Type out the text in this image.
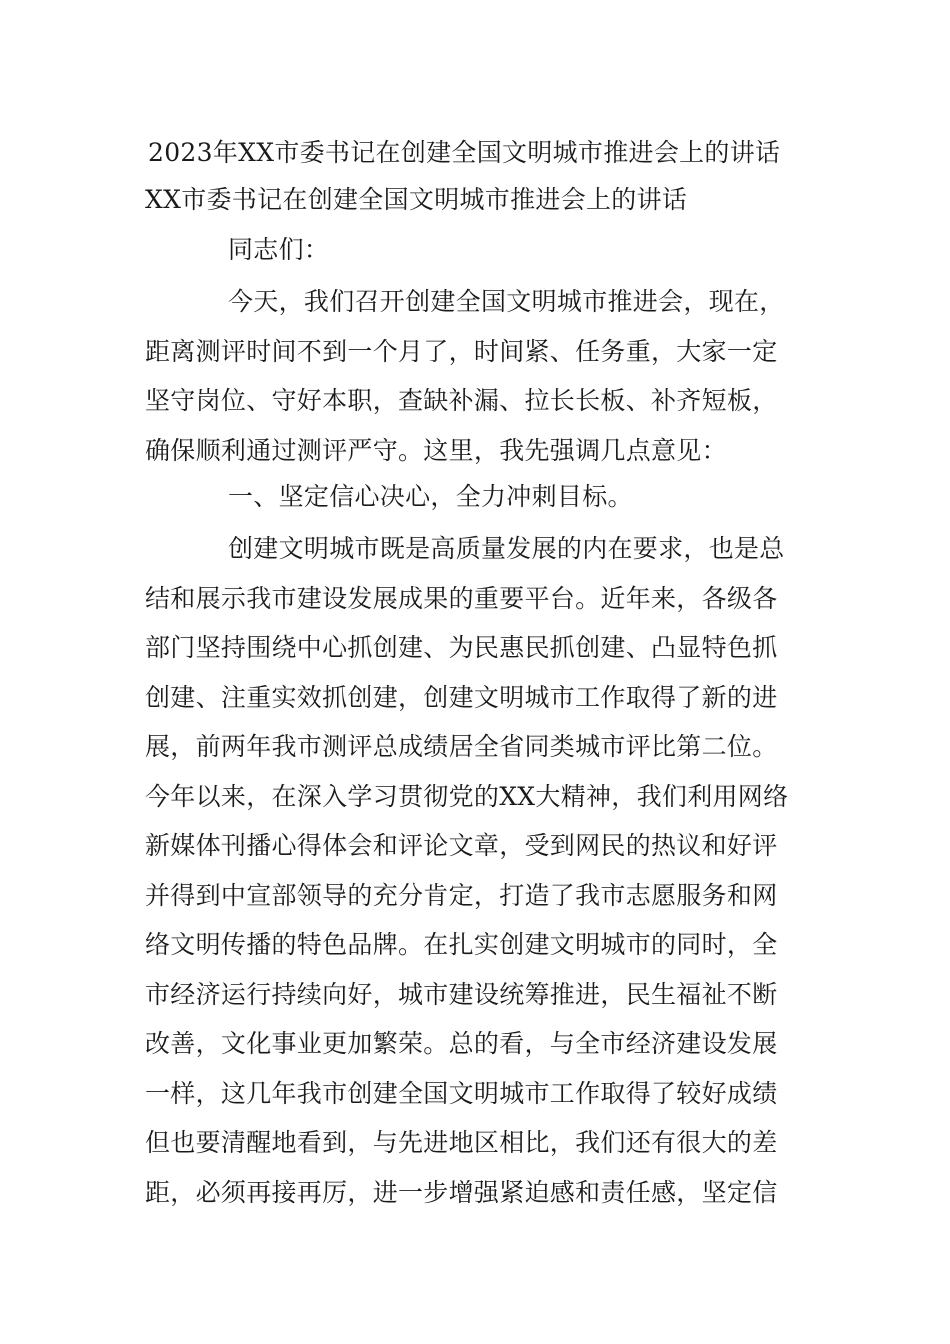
2023年XX市委书记在创建全国文明城市推进会上的讲话
XX市委书记在创建全国文明城市推进会上的讲话
同志们：
今天，我们召开创建全国文明城市推进会，现在，
距离测评时间不到一个月了，时间紧、任务重，大家一定
坚守岗位、守好本职，查缺补漏、拉长长板、补齐短板，
确保顺利通过测评严守。这里，我先强调几点意见：
一、坚定信心决心，全力冲刺目标。
创建文明城市既是高质量发展的内在要求，也是总
结和展示我市建设发展成果的重要平台。近年来，各级各
部门坚持围绕中心抓创建、为民惠民抓创建、凸显特色抓
创建、注重实效抓创建，创建文明城市工作取得了新的进
展，前两年我市测评总成绩居全省同类城市评比第二位。
今年以来，在深入学习贯彻党的XX大精神，我们利用网络
新媒体刊播心得体会和评论文章，受到网民的热议和好评
并得到中宣部领导的充分肯定，打造了我市志愿服务和网
络文明传播的特色品牌。在扎实创建文明城市的同时，全
市经济运行持续向好，城市建设统筹推进，民生福祉不断
改善，文化事业更加繁荣。总的看，与全市经济建设发展
一样，这几年我市创建全国文明城市工作取得了较好成绩
但也要清醒地看到，与先进地区相比，我们还有很大的差
距，必须再接再厉，进一步增强紧迫感和责任感，坚定信
